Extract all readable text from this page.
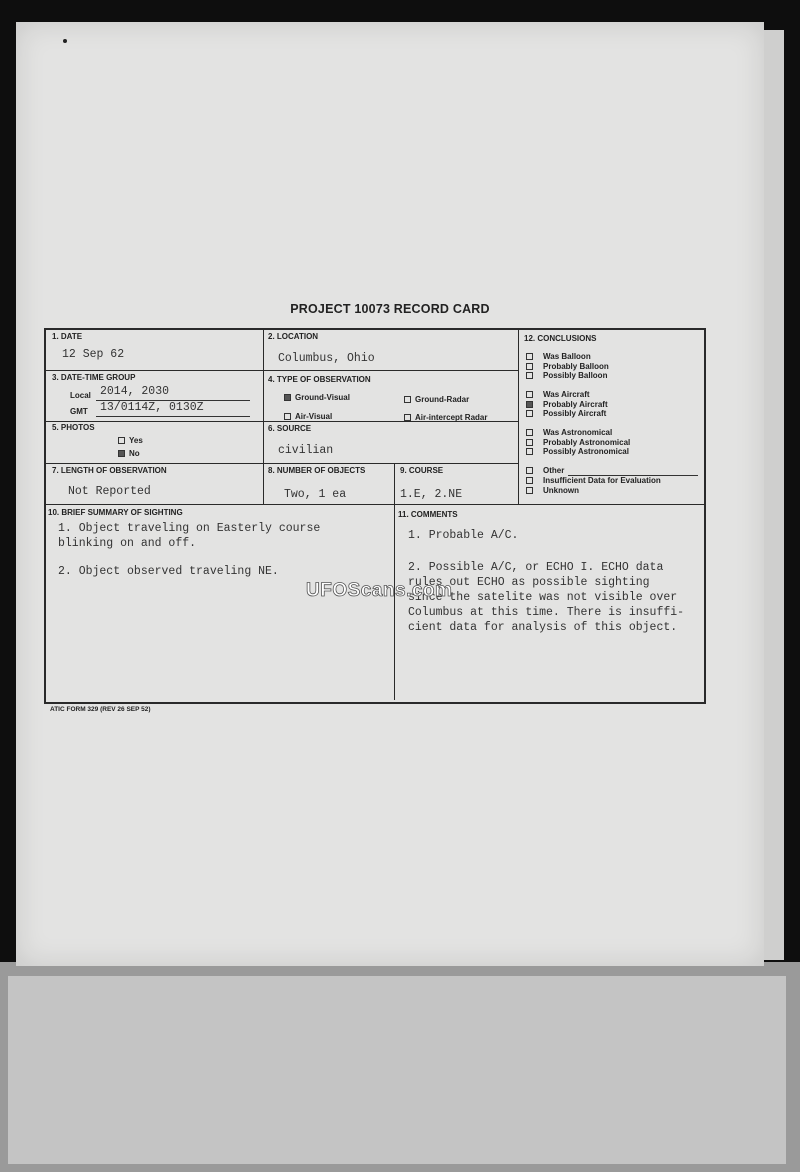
PROJECT 10073 RECORD CARD
1. DATE
12 Sep 62
2. LOCATION
Columbus, Ohio
3. DATE-TIME GROUP
Local 2014, 2030
GMT 13/0114Z, 0130Z
4. TYPE OF OBSERVATION
Ground-Visual	Ground-Radar
Air-Visual	Air-intercept Radar
5. PHOTOS
Yes
No
6. SOURCE
civilian
7. LENGTH OF OBSERVATION
Not Reported
8. NUMBER OF OBJECTS
Two, 1 ea
9. COURSE
1.E, 2.NE
10. BRIEF SUMMARY OF SIGHTING
1. Object traveling on Easterly course
blinking on and off.
2. Object observed traveling NE.
11. COMMENTS
1. Probable A/C.
2. Possible A/C, or ECHO I. ECHO data
rules out ECHO as possible sighting
since the satelite was not visible over
Columbus at this time. There is insuffi-
cient data for analysis of this object.
12. CONCLUSIONS
Was Balloon
Probably Balloon
Possibly Balloon
Was Aircraft
Probably Aircraft
Possibly Aircraft
Was Astronomical
Probably Astronomical
Possibly Astronomical
Other
Insufficient Data for Evaluation
Unknown
ATIC FORM 329 (REV 26 SEP 52)
UFOScans.com
